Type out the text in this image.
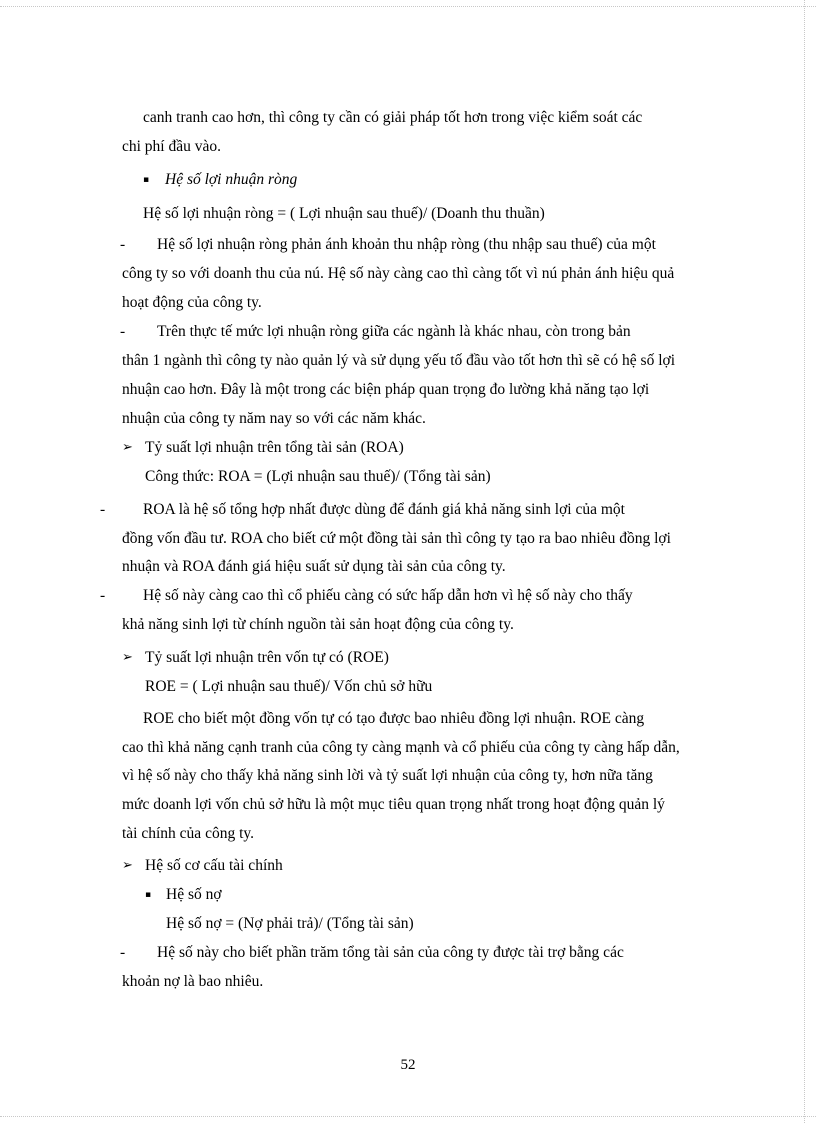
canh tranh cao hơn, thì công ty cần có giải pháp tốt hơn trong việc kiểm soát các
chi phí đầu vào.
▪ Hệ số lợi nhuận ròng
Hệ số lợi nhuận ròng = ( Lợi nhuận sau thuế)/ (Doanh thu thuần)
- Hệ số lợi nhuận ròng phản ánh khoản thu nhập ròng (thu nhập sau thuế) của một
công ty so với doanh thu của nú. Hệ số này càng cao thì càng tốt vì nú phản ánh hiệu quả
hoạt động của công ty.
- Trên thực tế mức lợi nhuận ròng giữa các ngành là khác nhau, còn trong bản
thân 1 ngành thì công ty nào quản lý và sử dụng yếu tố đầu vào tốt hơn thì sẽ có hệ số lợi
nhuận cao hơn. Đây là một trong các biện pháp quan trọng đo lường khả năng tạo lợi
nhuận của công ty năm nay so với các năm khác.
➢ Tỷ suất lợi nhuận trên tổng tài sản (ROA)
Công thức: ROA = (Lợi nhuận sau thuế)/ (Tổng tài sản)
- ROA là hệ số tổng hợp nhất được dùng để đánh giá khả năng sinh lợi của một
đồng vốn đầu tư. ROA cho biết cứ một đồng tài sản thì công ty tạo ra bao nhiêu đồng lợi
nhuận và ROA đánh giá hiệu suất sử dụng tài sản của công ty.
- Hệ số này càng cao thì cổ phiếu càng có sức hấp dẫn hơn vì hệ số này cho thấy
khả năng sinh lợi từ chính nguồn tài sản hoạt động của công ty.
➢ Tỷ suất lợi nhuận trên vốn tự có (ROE)
ROE = ( Lợi nhuận sau thuế)/ Vốn chủ sở hữu
ROE cho biết một đồng vốn tự có tạo được bao nhiêu đồng lợi nhuận. ROE càng
cao thì khả năng cạnh tranh của công ty càng mạnh và cổ phiếu của công ty càng hấp dẫn,
vì hệ số này cho thấy khả năng sinh lời và tỷ suất lợi nhuận của công ty, hơn nữa tăng
mức doanh lợi vốn chủ sở hữu là một mục tiêu quan trọng nhất trong hoạt động quản lý
tài chính của công ty.
➢ Hệ số cơ cấu tài chính
▪ Hệ số nợ
Hệ số nợ = (Nợ phải trả)/ (Tổng tài sản)
- Hệ số này cho biết phần trăm tổng tài sản của công ty được tài trợ bằng các
khoản nợ là bao nhiêu.
52
